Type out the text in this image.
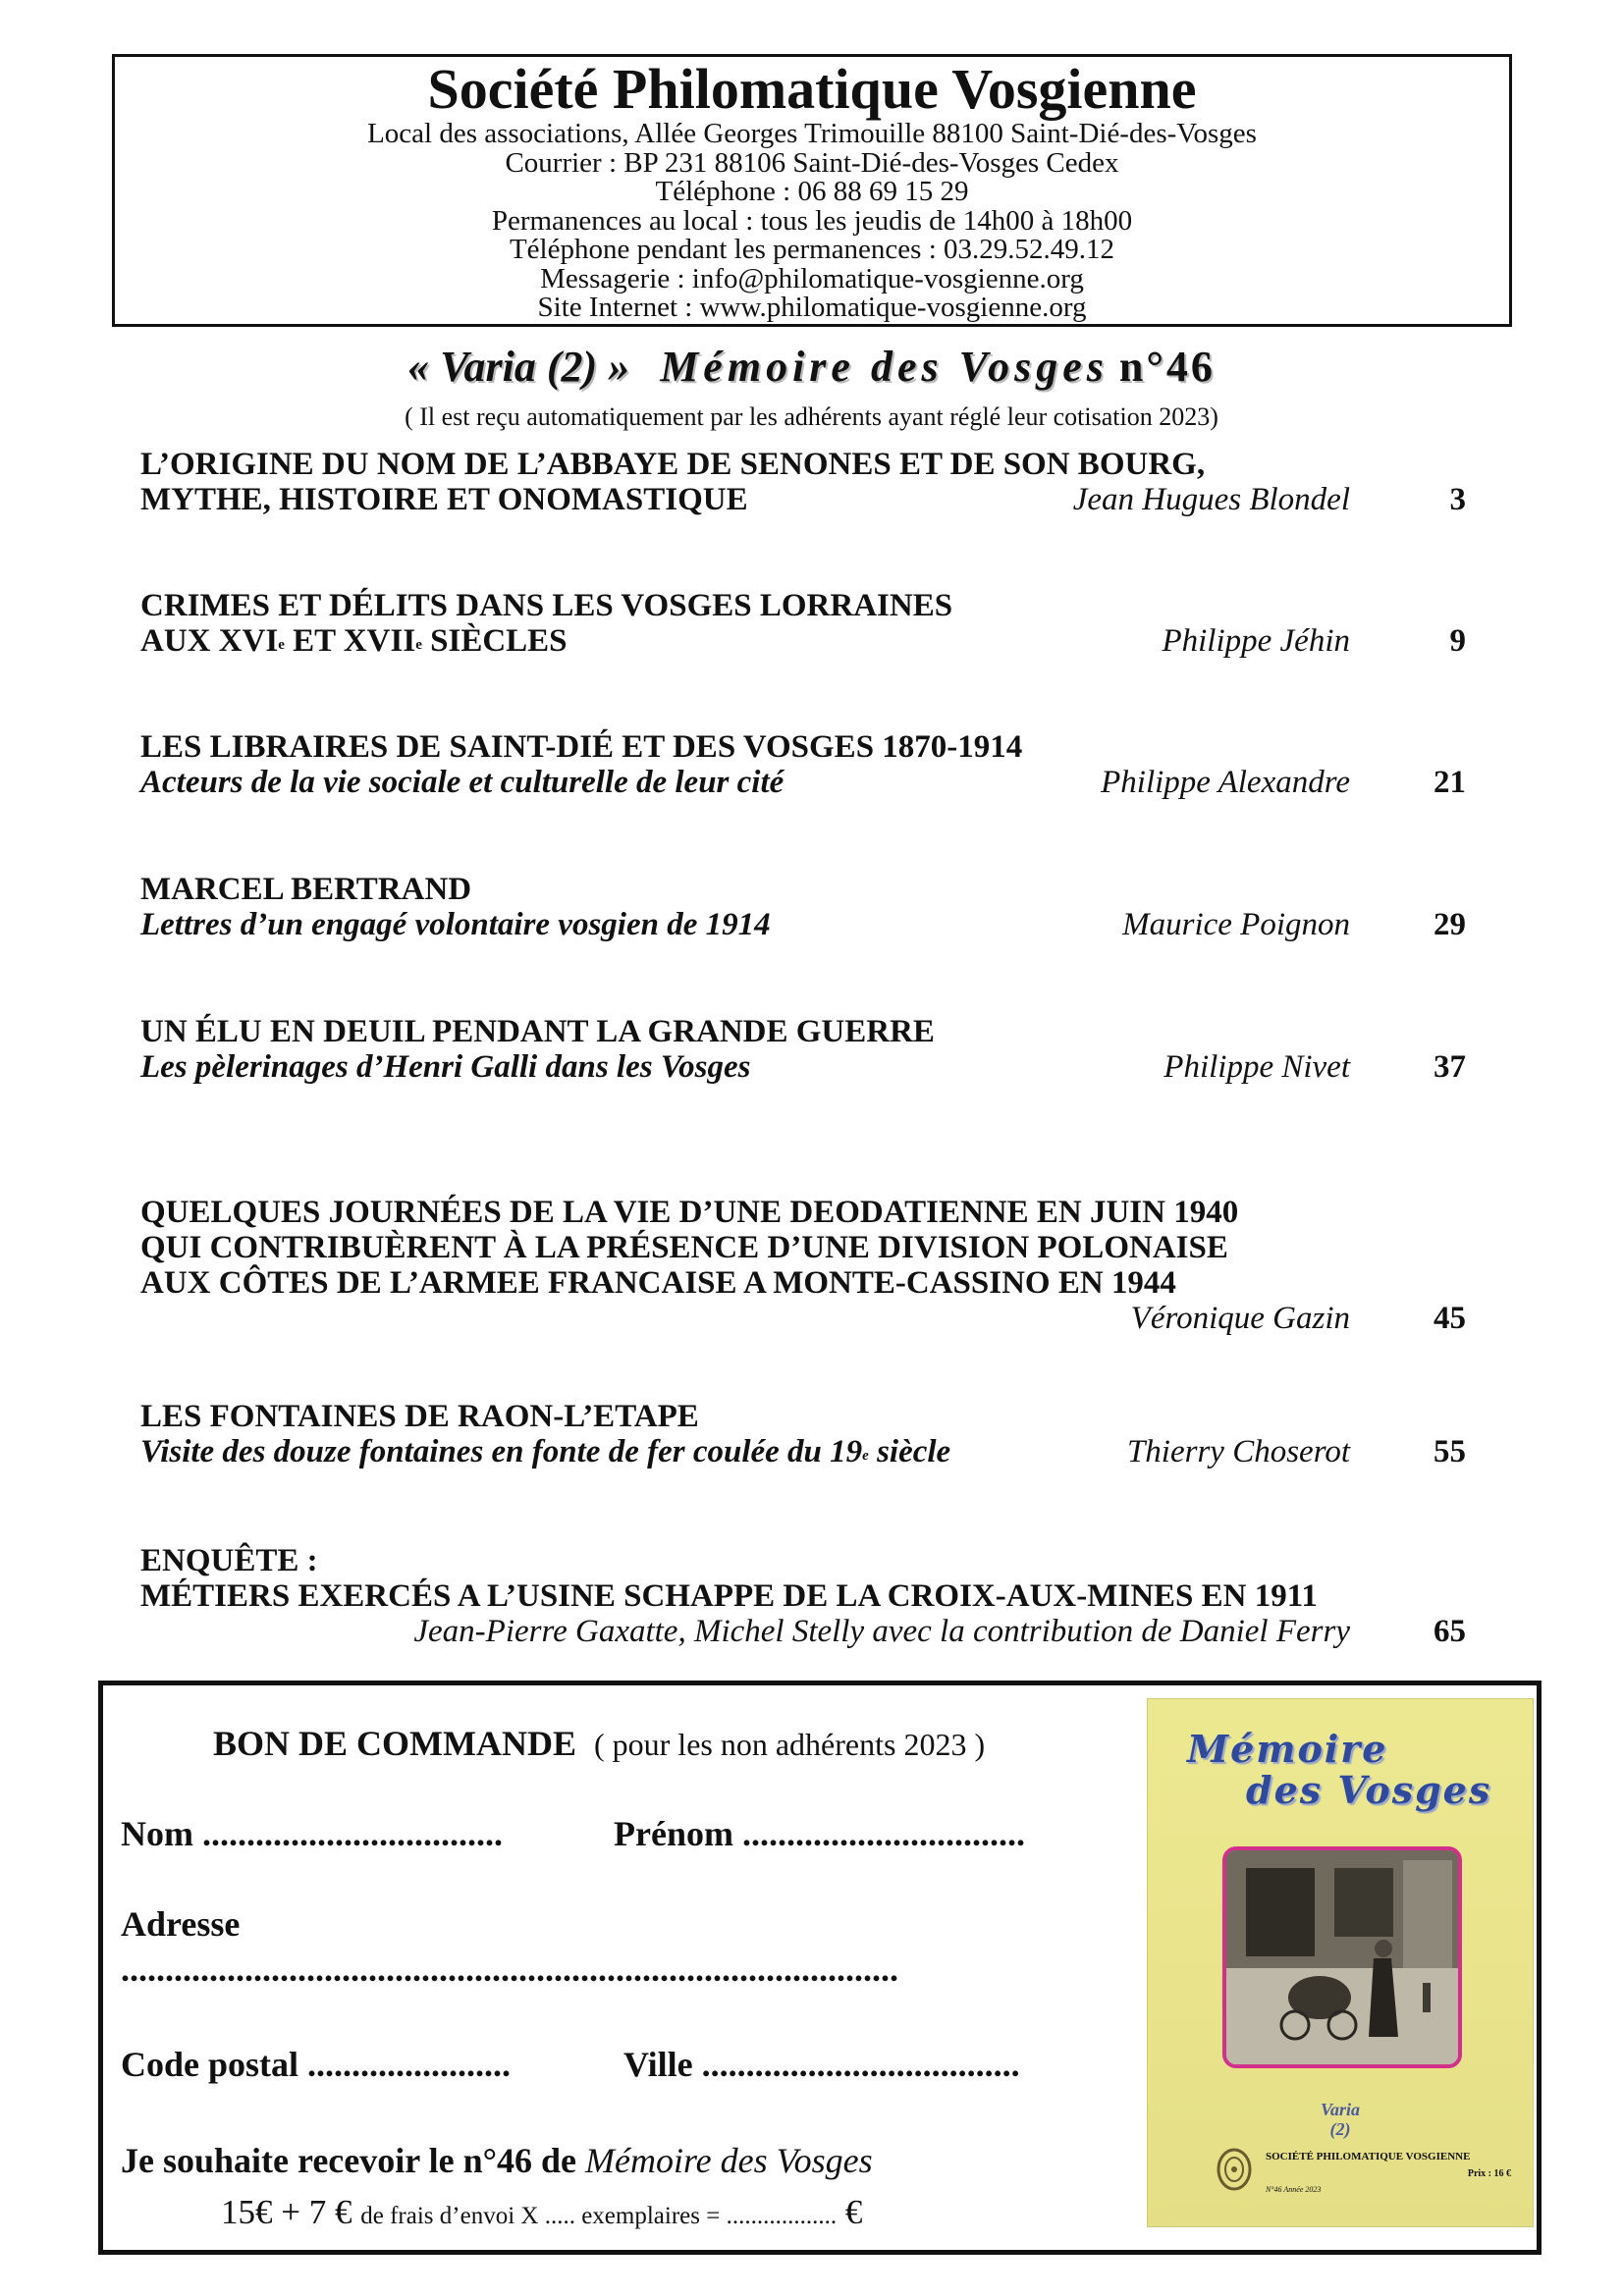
Société Philomatique Vosgienne
Local des associations, Allée Georges Trimouille 88100 Saint-Dié-des-Vosges
Courrier : BP 231 88106 Saint-Dié-des-Vosges Cedex
Téléphone : 06 88 69 15 29
Permanences au local : tous les jeudis de 14h00 à 18h00
Téléphone pendant les permanences : 03.29.52.49.12
Messagerie : info@philomatique-vosgienne.org
Site Internet : www.philomatique-vosgienne.org
« Varia (2) » Mémoire des Vosges n°46
( Il est reçu automatiquement par les adhérents ayant réglé leur cotisation 2023)
L’ORIGINE DU NOM DE L’ABBAYE DE SENONES ET DE SON BOURG,
MYTHE, HISTOIRE ET ONOMASTIQUE	Jean Hugues Blondel	3
CRIMES ET DÉLITS DANS LES VOSGES LORRAINES
AUX XVIe ET XVIIe SIÈCLES	Philippe Jéhin	9
LES LIBRAIRES DE SAINT-DIÉ ET DES VOSGES 1870-1914
Acteurs de la vie sociale et culturelle de leur cité	Philippe Alexandre	21
MARCEL BERTRAND
Lettres d’un engagé volontaire vosgien de 1914	Maurice Poignon	29
UN ÉLU EN DEUIL PENDANT LA GRANDE GUERRE
Les pèlerinages d’Henri Galli dans les Vosges	Philippe Nivet	37
QUELQUES JOURNÉES DE LA VIE D’UNE DEODATIENNE EN JUIN 1940
QUI CONTRIBUÈRENT À LA PRÉSENCE D’UNE DIVISION POLONAISE
AUX CÔTES DE L’ARMEE FRANCAISE A MONTE-CASSINO EN 1944
Véronique Gazin	45
LES FONTAINES DE RAON-L’ETAPE
Visite des douze fontaines en fonte de fer coulée du 19e siècle	Thierry Choserot	55
ENQUÊTE :
MÉTIERS EXERCÉS A L’USINE SCHAPPE DE LA CROIX-AUX-MINES EN 1911
Jean-Pierre Gaxatte, Michel Stelly avec la contribution de Daniel Ferry	65
BON DE COMMANDE ( pour les non adhérents 2023 )
Nom ..................................	Prénom ................................
Adresse
........................................................................................
Code postal .......................	Ville ....................................
Je souhaite recevoir le n°46 de Mémoire des Vosges
15€ + 7 € de frais d’envoi X ..... exemplaires = .................. €
Mémoire
des Vosges
Varia
(2)
SOCIÉTÉ PHILOMATIQUE VOSGIENNE
Prix : 16 €
N°46 Année 2023
